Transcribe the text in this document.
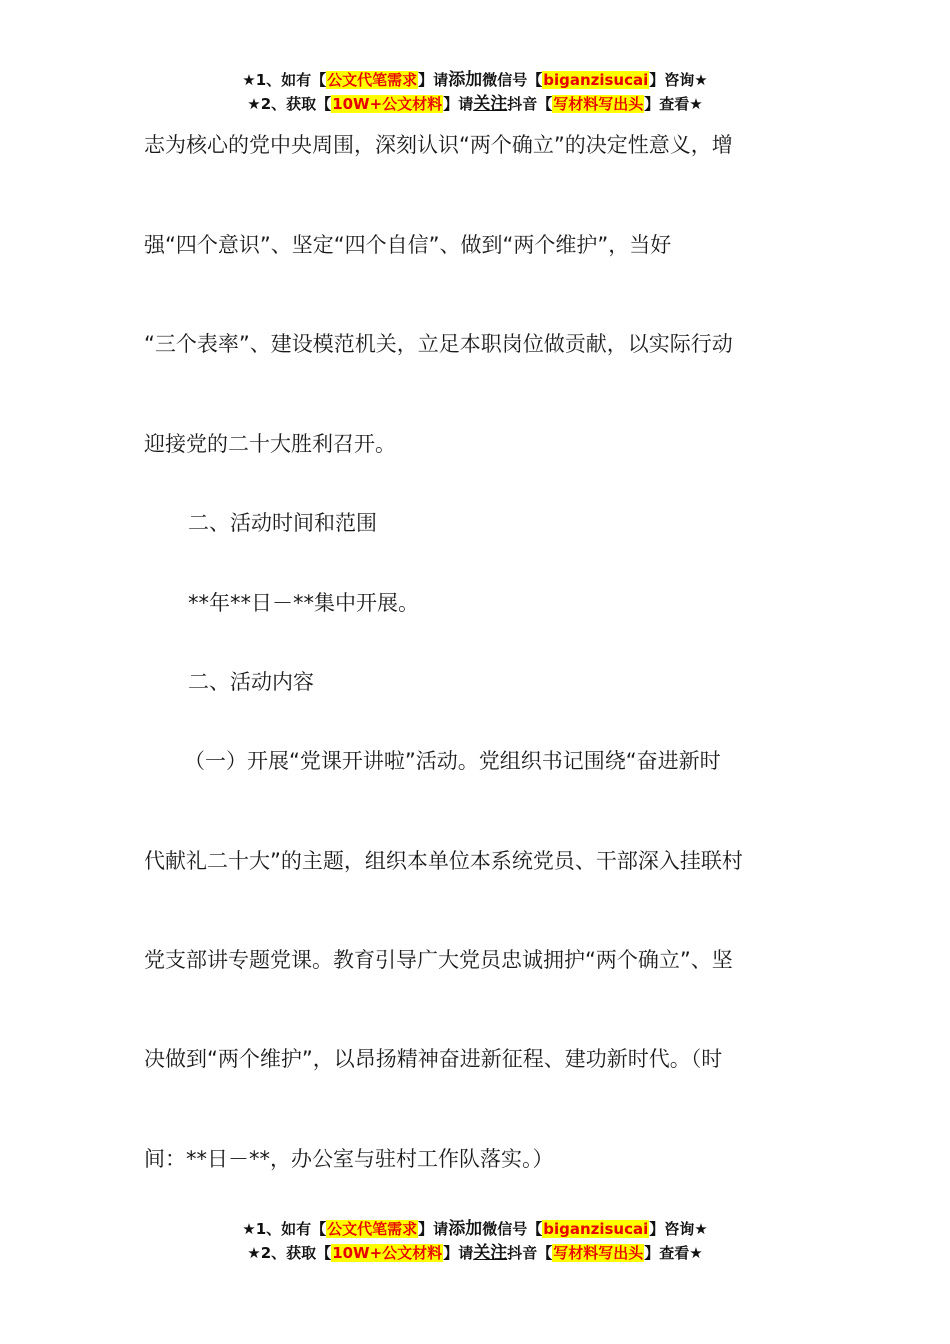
★1、如有【公文代笔需求】请添加微信号【biganzisucai】咨询★
★2、获取【10W+公文材料】请关注抖音【写材料写出头】查看★
志为核心的党中央周围，深刻认识“两个确立”的决定性意义，增
强“四个意识”、坚定“四个自信”、做到“两个维护”，当好
“三个表率”、建设模范机关，立足本职岗位做贡献，以实际行动
迎接党的二十大胜利召开。
二、活动时间和范围
**年**日－**集中开展。
二、活动内容
（一）开展“党课开讲啦”活动。党组织书记围绕“奋进新时
代献礼二十大”的主题，组织本单位本系统党员、干部深入挂联村
党支部讲专题党课。教育引导广大党员忠诚拥护“两个确立”、坚
决做到“两个维护”，以昂扬精神奋进新征程、建功新时代。（时
间：**日－**，办公室与驻村工作队落实。）
★1、如有【公文代笔需求】请添加微信号【biganzisucai】咨询★
★2、获取【10W+公文材料】请关注抖音【写材料写出头】查看★
